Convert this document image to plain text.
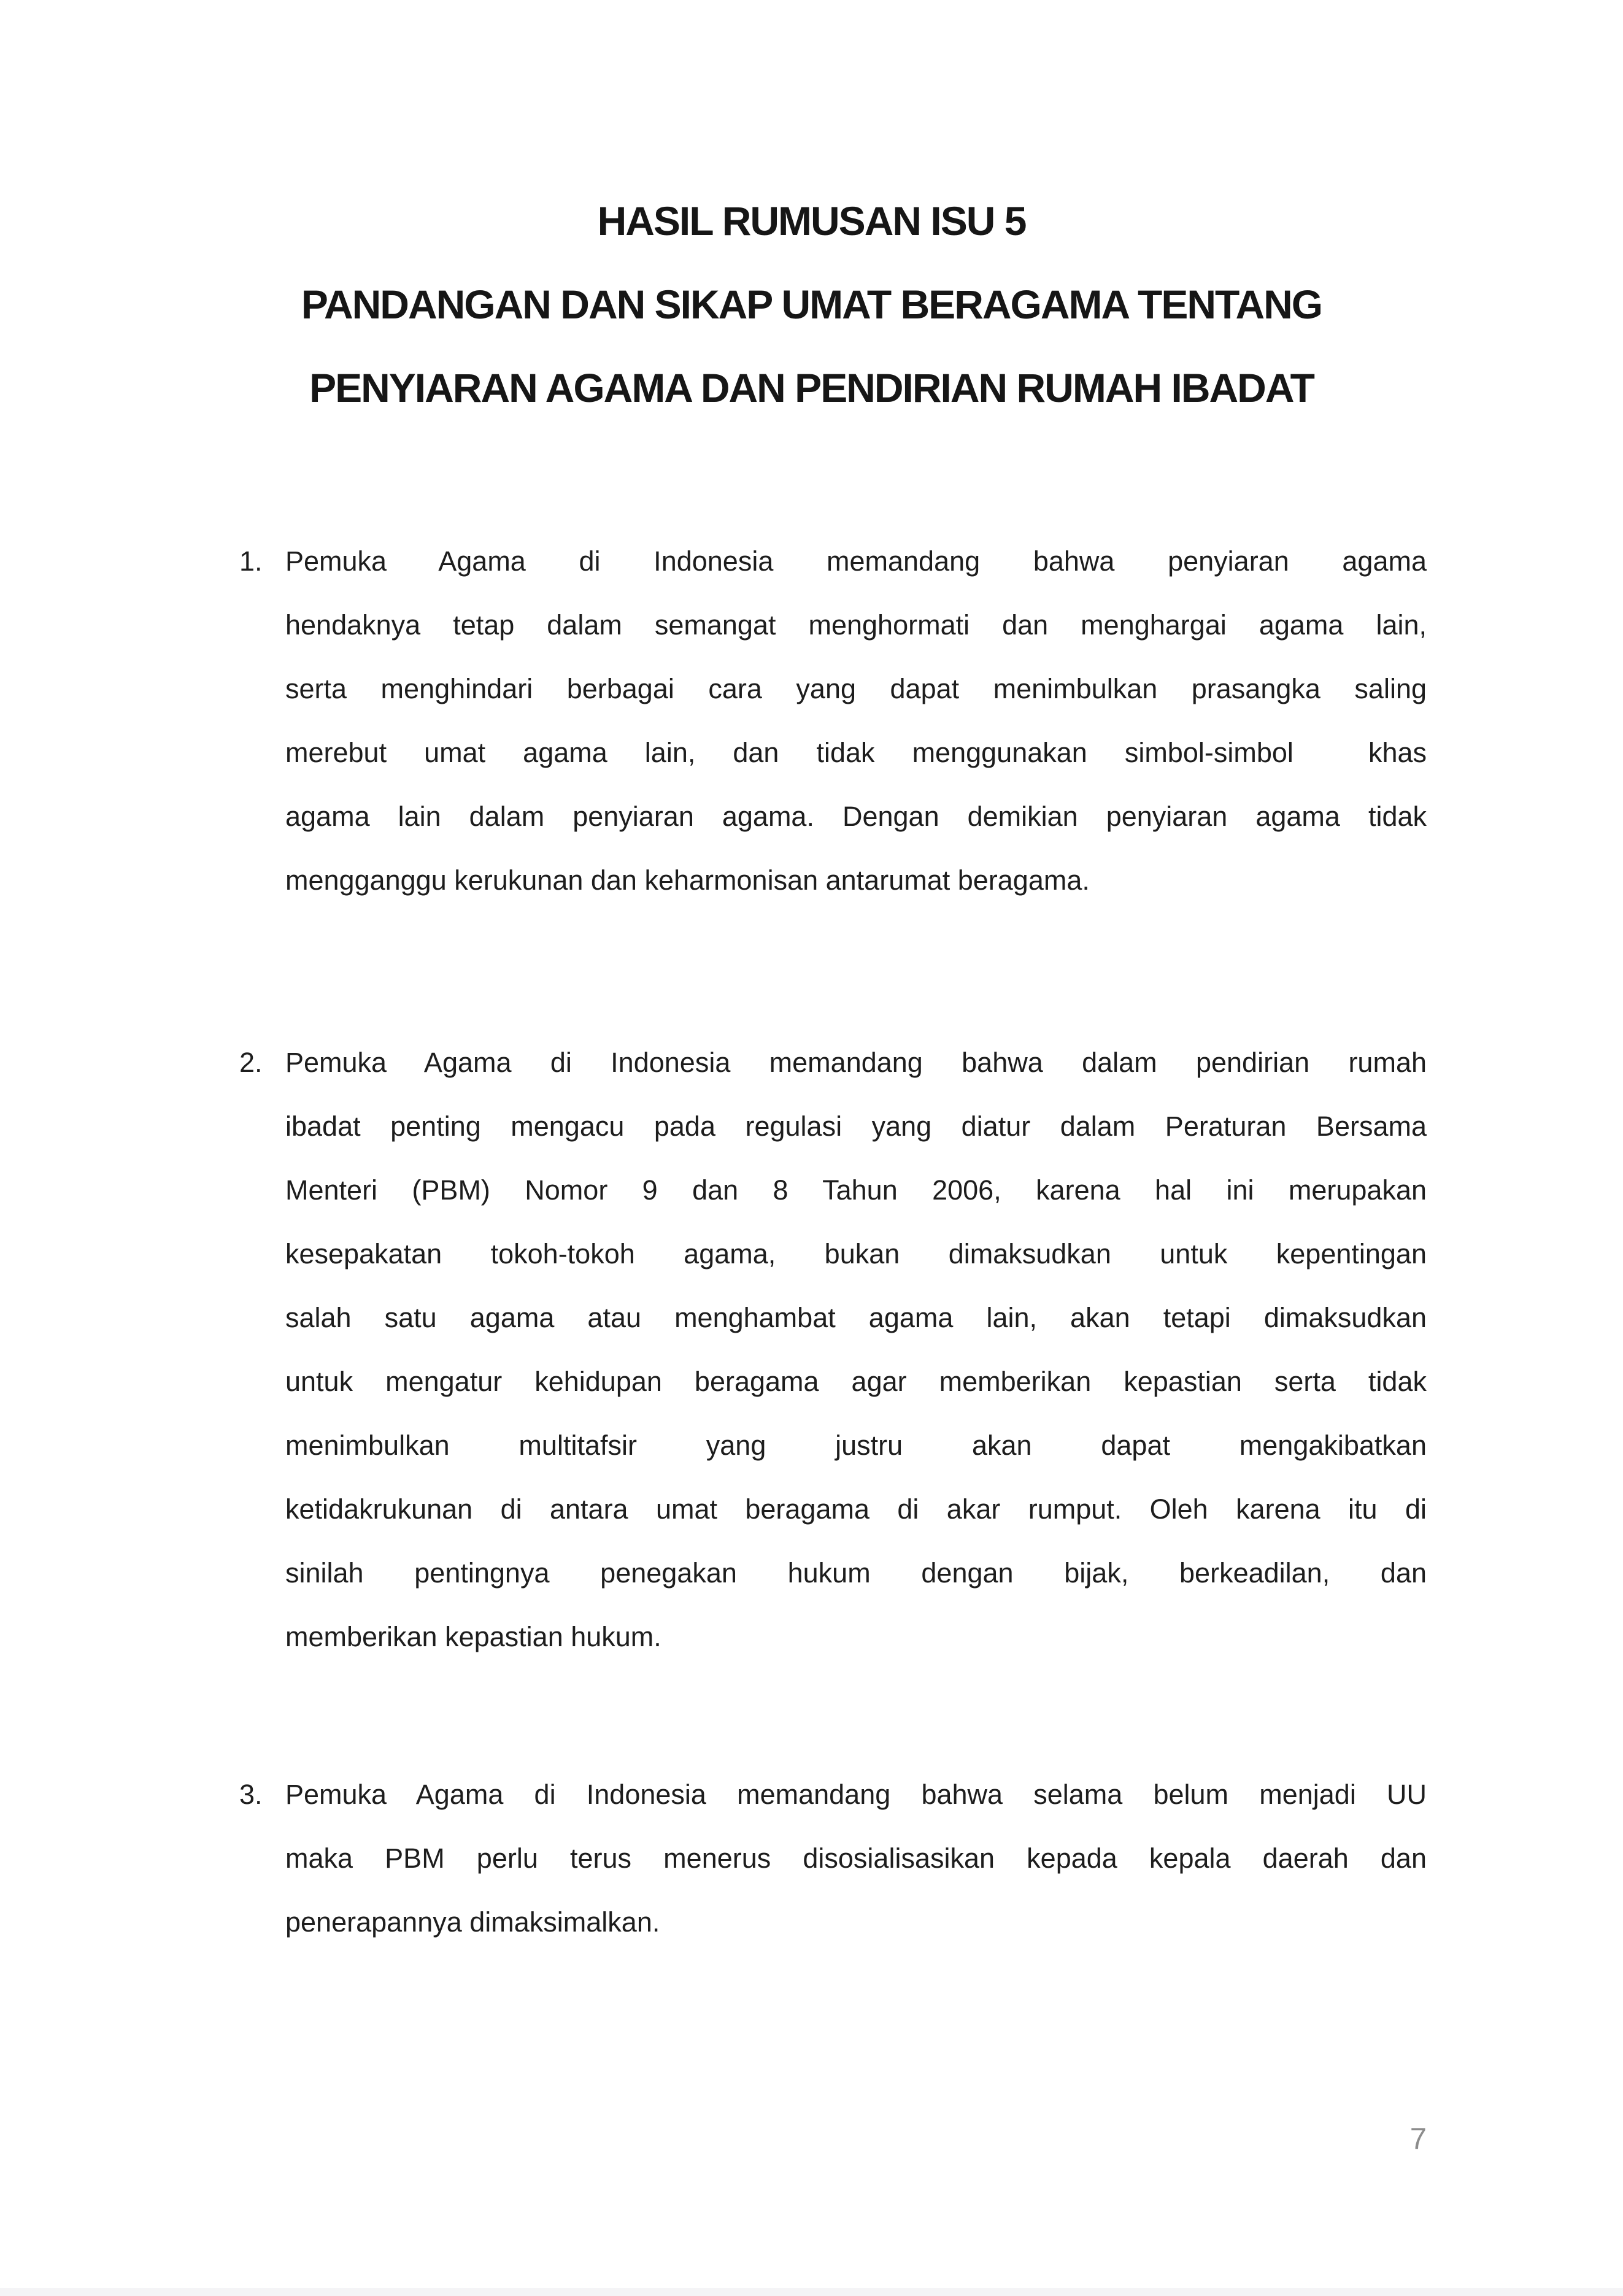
HASIL RUMUSAN ISU 5
PANDANGAN DAN SIKAP UMAT BERAGAMA TENTANG
PENYIARAN AGAMA DAN PENDIRIAN RUMAH IBADAT
1. Pemuka Agama di Indonesia memandang bahwa penyiaran agama
hendaknya tetap dalam semangat menghormati dan menghargai agama lain,
serta menghindari berbagai cara yang dapat menimbulkan prasangka saling
merebut umat agama lain, dan tidak menggunakan simbol-simbol  khas
agama lain dalam penyiaran agama. Dengan demikian penyiaran agama tidak
mengganggu kerukunan dan keharmonisan antarumat beragama.
2. Pemuka Agama di Indonesia memandang bahwa dalam pendirian rumah
ibadat penting mengacu pada regulasi yang diatur dalam Peraturan Bersama
Menteri (PBM) Nomor 9 dan 8 Tahun 2006, karena hal ini merupakan
kesepakatan tokoh-tokoh agama, bukan dimaksudkan untuk kepentingan
salah satu agama atau menghambat agama lain, akan tetapi dimaksudkan
untuk mengatur kehidupan beragama agar memberikan kepastian serta tidak
menimbulkan multitafsir yang justru akan dapat mengakibatkan
ketidakrukunan di antara umat beragama di akar rumput. Oleh karena itu di
sinilah pentingnya penegakan hukum dengan bijak, berkeadilan, dan
memberikan kepastian hukum.
3. Pemuka Agama di Indonesia memandang bahwa selama belum menjadi UU
maka PBM perlu terus menerus disosialisasikan kepada kepala daerah dan
penerapannya dimaksimalkan.
7
